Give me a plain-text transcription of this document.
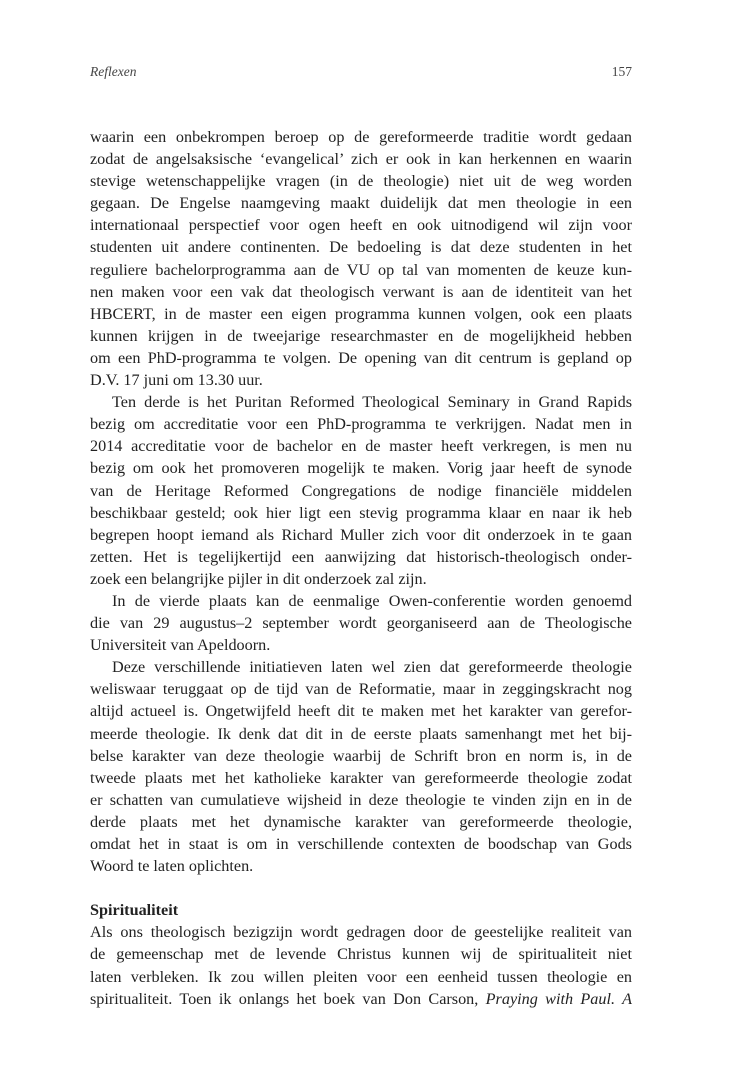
Reflexen	157
waarin een onbekrompen beroep op de gereformeerde traditie wordt gedaan
zodat de angelsaksische ‘evangelical’ zich er ook in kan herkennen en waarin
stevige wetenschappelijke vragen (in de theologie) niet uit de weg worden
gegaan. De Engelse naamgeving maakt duidelijk dat men theologie in een
internationaal perspectief voor ogen heeft en ook uitnodigend wil zijn voor
studenten uit andere continenten. De bedoeling is dat deze studenten in het
reguliere bachelorprogramma aan de VU op tal van momenten de keuze kun-
nen maken voor een vak dat theologisch verwant is aan de identiteit van het
HBCERT, in de master een eigen programma kunnen volgen, ook een plaats
kunnen krijgen in de tweejarige researchmaster en de mogelijkheid hebben
om een PhD-programma te volgen. De opening van dit centrum is gepland op
D.V. 17 juni om 13.30 uur.
Ten derde is het Puritan Reformed Theological Seminary in Grand Rapids
bezig om accreditatie voor een PhD-programma te verkrijgen. Nadat men in
2014 accreditatie voor de bachelor en de master heeft verkregen, is men nu
bezig om ook het promoveren mogelijk te maken. Vorig jaar heeft de synode
van de Heritage Reformed Congregations de nodige financiële middelen
beschikbaar gesteld; ook hier ligt een stevig programma klaar en naar ik heb
begrepen hoopt iemand als Richard Muller zich voor dit onderzoek in te gaan
zetten. Het is tegelijkertijd een aanwijzing dat historisch-theologisch onder-
zoek een belangrijke pijler in dit onderzoek zal zijn.
In de vierde plaats kan de eenmalige Owen-conferentie worden genoemd
die van 29 augustus–2 september wordt georganiseerd aan de Theologische
Universiteit van Apeldoorn.
Deze verschillende initiatieven laten wel zien dat gereformeerde theologie
weliswaar teruggaat op de tijd van de Reformatie, maar in zeggingskracht nog
altijd actueel is. Ongetwijfeld heeft dit te maken met het karakter van gerefor-
meerde theologie. Ik denk dat dit in de eerste plaats samenhangt met het bij-
belse karakter van deze theologie waarbij de Schrift bron en norm is, in de
tweede plaats met het katholieke karakter van gereformeerde theologie zodat
er schatten van cumulatieve wijsheid in deze theologie te vinden zijn en in de
derde plaats met het dynamische karakter van gereformeerde theologie,
omdat het in staat is om in verschillende contexten de boodschap van Gods
Woord te laten oplichten.
Spiritualiteit
Als ons theologisch bezigzijn wordt gedragen door de geestelijke realiteit van
de gemeenschap met de levende Christus kunnen wij de spiritualiteit niet
laten verbleken. Ik zou willen pleiten voor een eenheid tussen theologie en
spiritualiteit. Toen ik onlangs het boek van Don Carson, Praying with Paul. A
